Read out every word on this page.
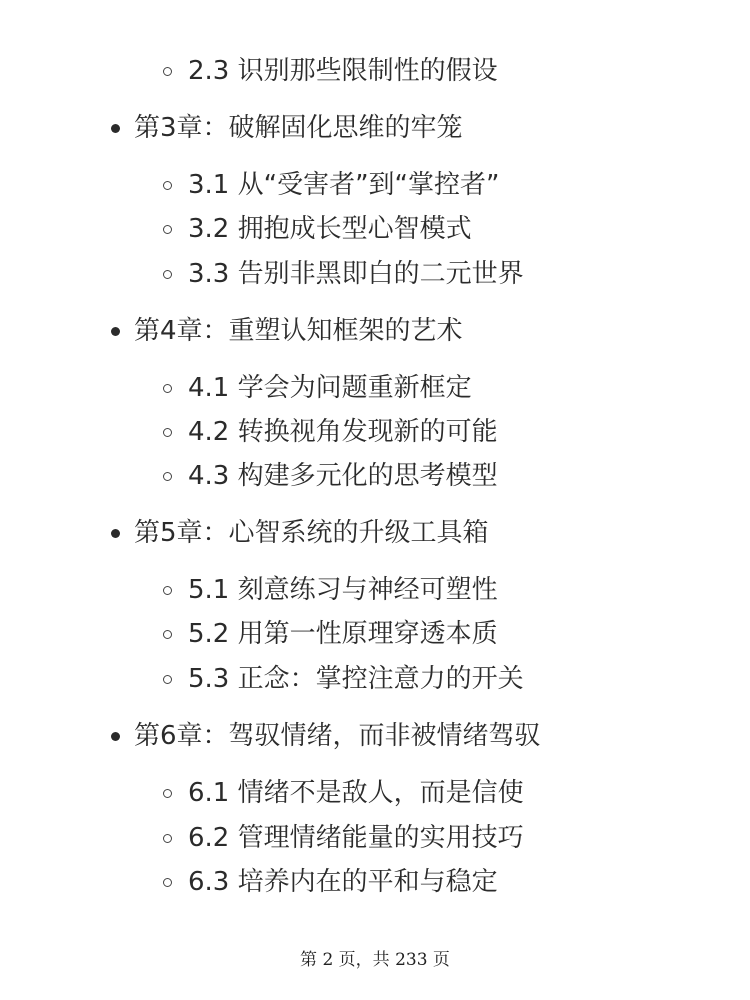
2.3 识别那些限制性的假设
第3章：破解固化思维的牢笼
3.1 从“受害者”到“掌控者”
3.2 拥抱成长型心智模式
3.3 告别非黑即白的二元世界
第4章：重塑认知框架的艺术
4.1 学会为问题重新框定
4.2 转换视角发现新的可能
4.3 构建多元化的思考模型
第5章：心智系统的升级工具箱
5.1 刻意练习与神经可塑性
5.2 用第一性原理穿透本质
5.3 正念：掌控注意力的开关
第6章：驾驭情绪，而非被情绪驾驭
6.1 情绪不是敌人，而是信使
6.2 管理情绪能量的实用技巧
6.3 培养内在的平和与稳定
第 2 页，共 233 页
